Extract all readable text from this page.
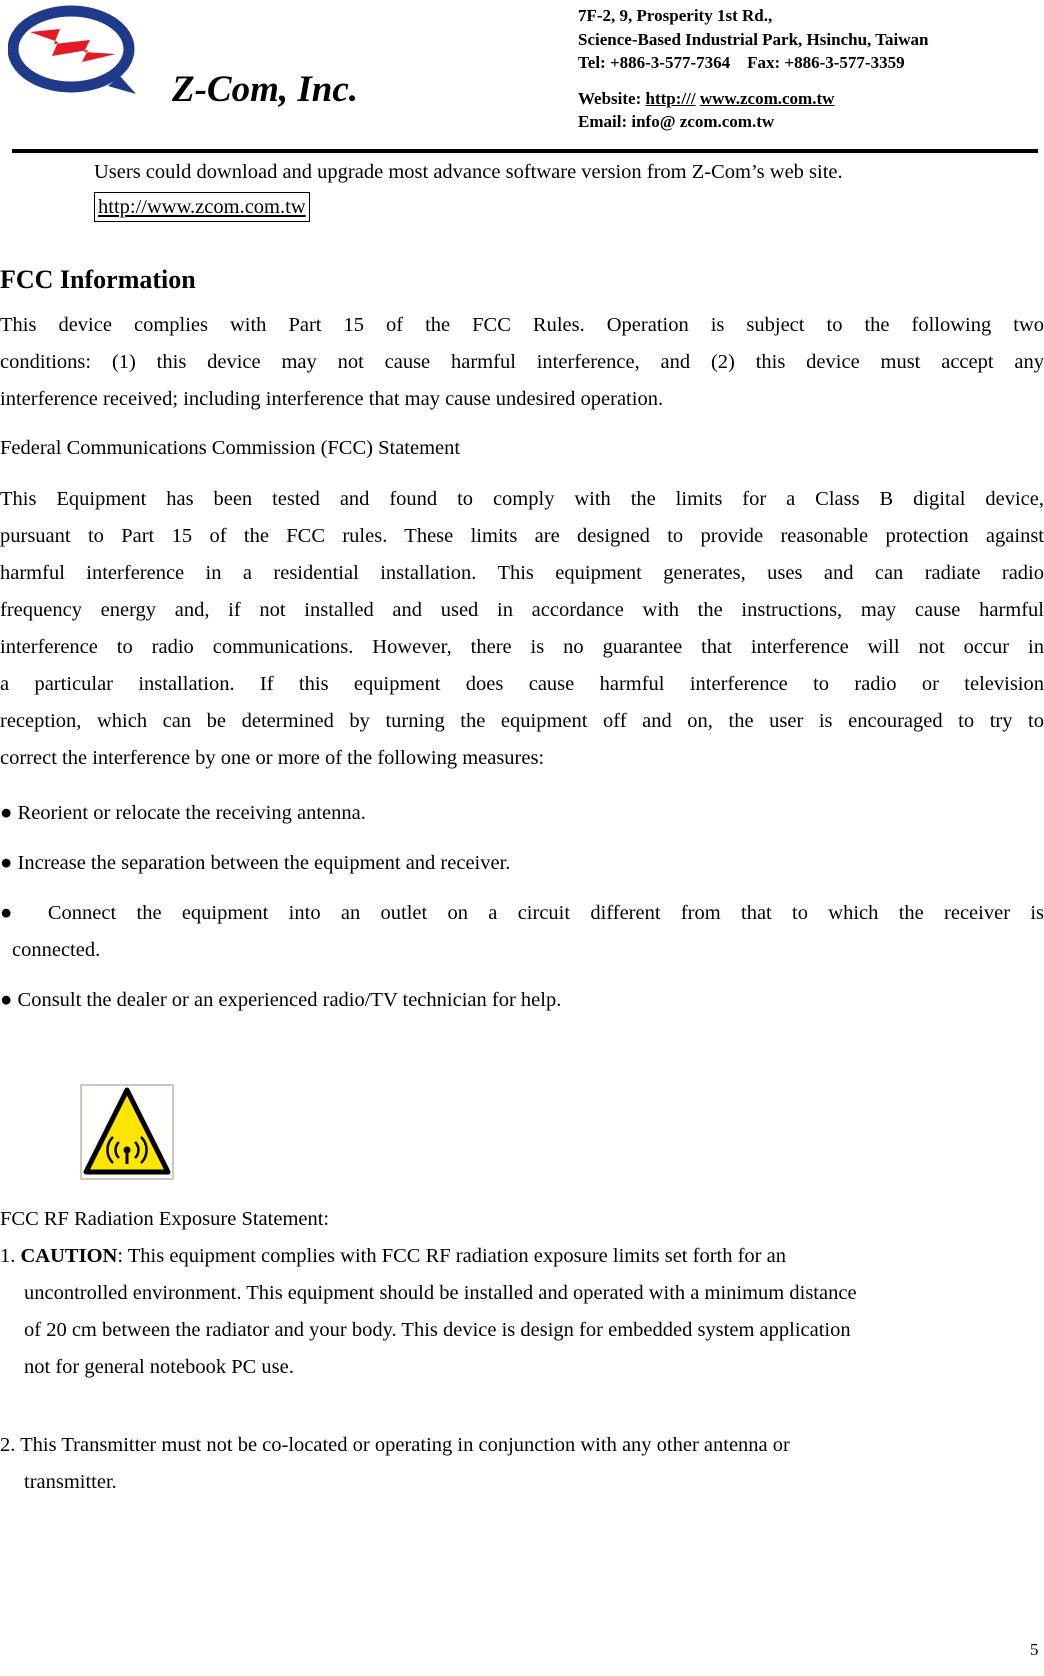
Z-Com, Inc.
7F-2, 9, Prosperity 1st Rd.,
Science-Based Industrial Park, Hsinchu, Taiwan
Tel: +886-3-577-7364    Fax: +886-3-577-3359
Website: http:/// www.zcom.com.tw
Email: info@ zcom.com.tw
Users could download and upgrade most advance software version from Z-Com’s web site.
http://www.zcom.com.tw
FCC Information
This device complies with Part 15 of the FCC Rules. Operation is subject to the following two
conditions: (1) this device may not cause harmful interference, and (2) this device must accept any
interference received; including interference that may cause undesired operation.
Federal Communications Commission (FCC) Statement
This Equipment has been tested and found to comply with the limits for a Class B digital device,
pursuant to Part 15 of the FCC rules. These limits are designed to provide reasonable protection against
harmful interference in a residential installation. This equipment generates, uses and can radiate radio
frequency energy and, if not installed and used in accordance with the instructions, may cause harmful
interference to radio communications. However, there is no guarantee that interference will not occur in
a particular installation. If this equipment does cause harmful interference to radio or television
reception, which can be determined by turning the equipment off and on, the user is encouraged to try to
correct the interference by one or more of the following measures:
● Reorient or relocate the receiving antenna.
● Increase the separation between the equipment and receiver.
● Connect the equipment into an outlet on a circuit different from that to which the receiver is
connected.
● Consult the dealer or an experienced radio/TV technician for help.
FCC RF Radiation Exposure Statement:
1. CAUTION: This equipment complies with FCC RF radiation exposure limits set forth for an
uncontrolled environment. This equipment should be installed and operated with a minimum distance
of 20 cm between the radiator and your body. This device is design for embedded system application
not for general notebook PC use.
2. This Transmitter must not be co-located or operating in conjunction with any other antenna or
transmitter.
5
